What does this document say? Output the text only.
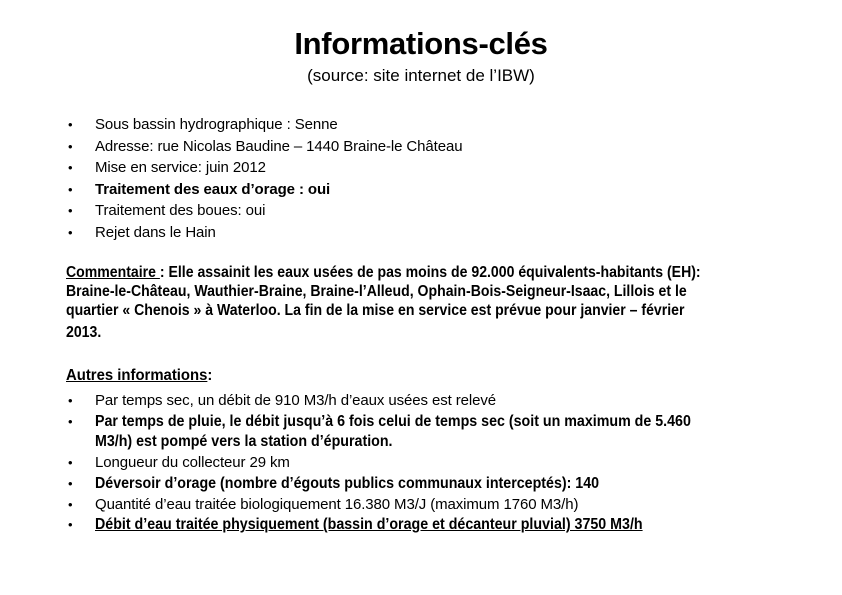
Informations-clés
(source: site internet de l’IBW)
•	Sous bassin hydrographique : Senne
•	Adresse: rue Nicolas Baudine – 1440 Braine-le Château
•	Mise en service: juin 2012
•	Traitement des eaux d’orage : oui
•	Traitement des boues: oui
•	Rejet dans le Hain
Commentaire : Elle assainit les eaux usées de pas moins de 92.000 équivalents-habitants (EH):
Braine-le-Château, Wauthier-Braine, Braine-l’Alleud, Ophain-Bois-Seigneur-Isaac, Lillois et le
quartier « Chenois » à Waterloo. La fin de la mise en service est prévue pour janvier – février
2013.
Autres informations:
•	Par temps sec, un débit de 910 M3/h d’eaux usées est relevé
•	Par temps de pluie, le débit jusqu’à 6 fois celui de temps sec (soit un maximum de 5.460
M3/h) est pompé vers la station d’épuration.
•	Longueur du collecteur 29 km
•	Déversoir d’orage (nombre d’égouts publics communaux interceptés): 140
•	Quantité d’eau traitée biologiquement 16.380 M3/J (maximum 1760 M3/h)
•	Débit d’eau traitée physiquement (bassin d’orage et décanteur pluvial) 3750 M3/h
